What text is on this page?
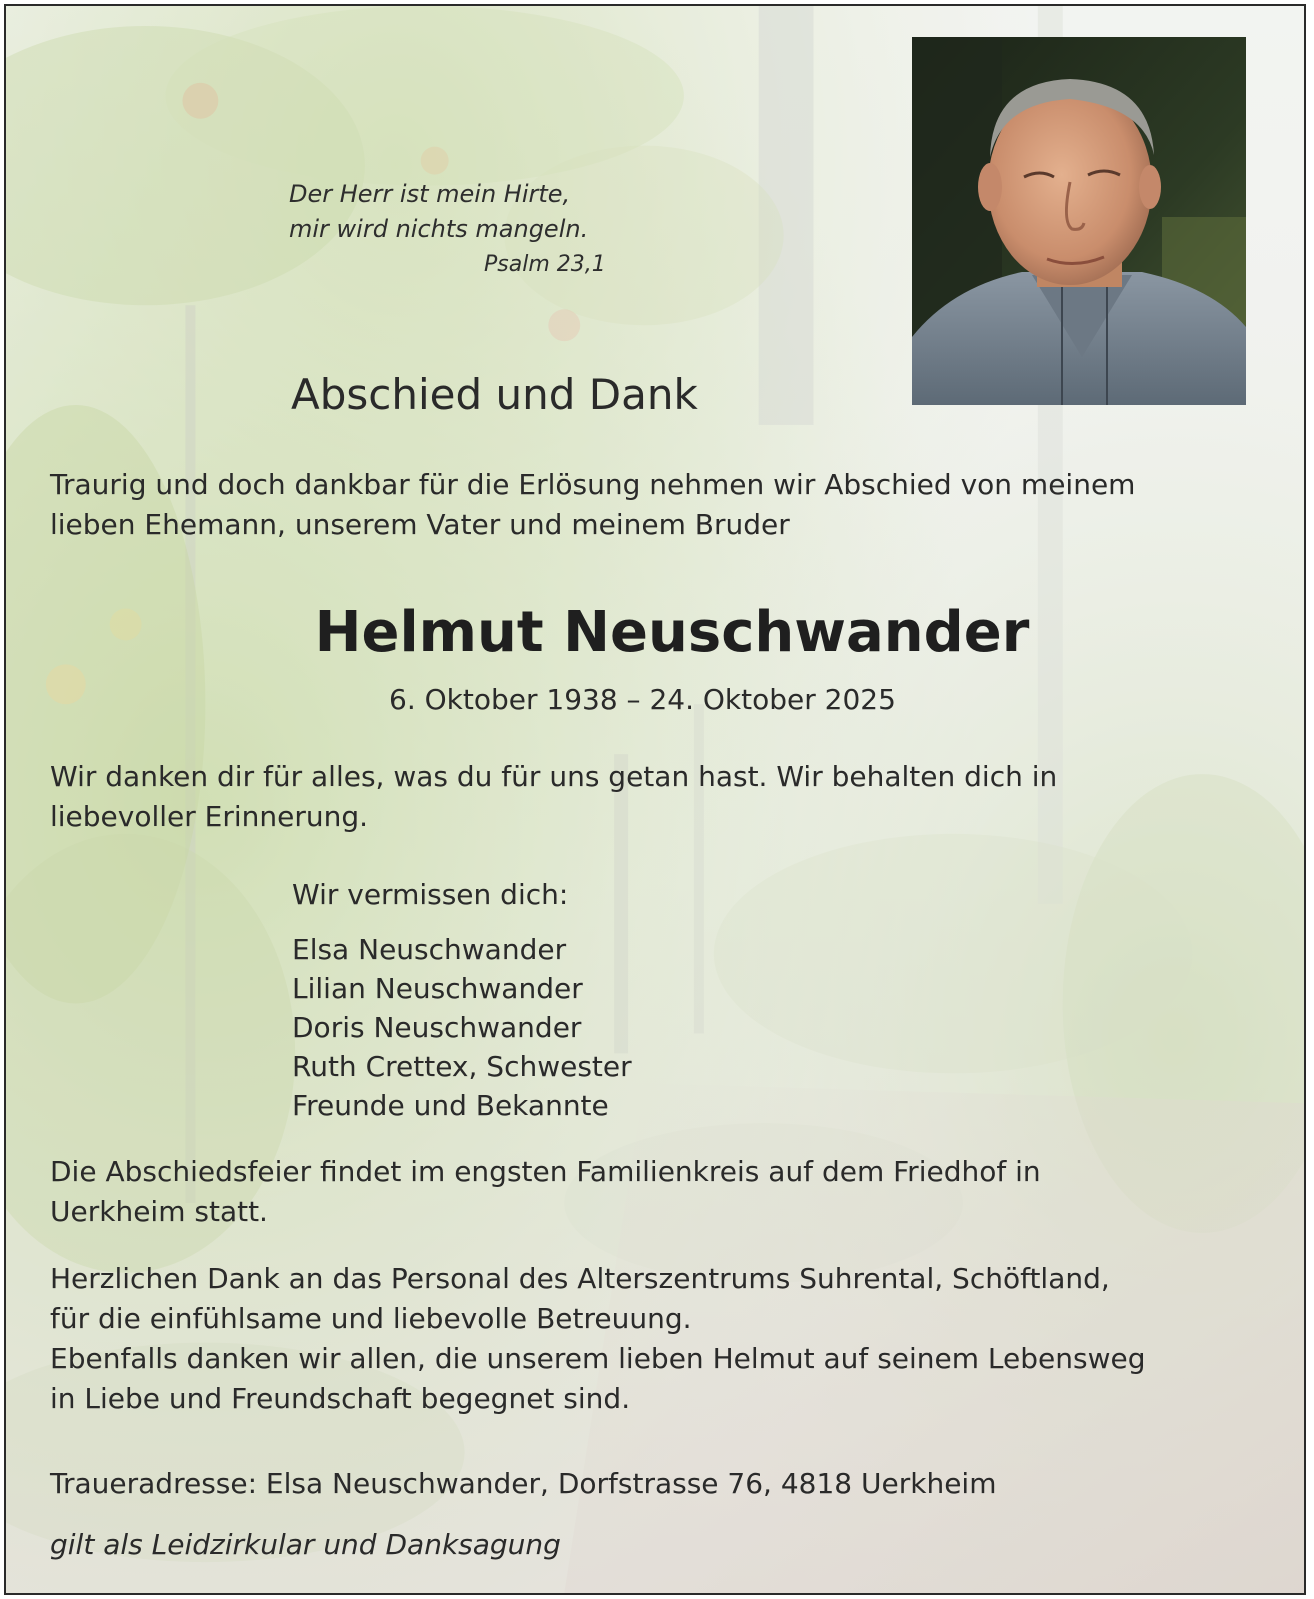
Der Herr ist mein Hirte,
mir wird nichts mangeln.
Psalm 23,1
Abschied und Dank
Traurig und doch dankbar für die Erlösung nehmen wir Abschied von meinem
lieben Ehemann, unserem Vater und meinem Bruder
Helmut Neuschwander
6. Oktober 1938 – 24. Oktober 2025
Wir danken dir für alles, was du für uns getan hast. Wir behalten dich in
liebevoller Erinnerung.
Wir vermissen dich:
Elsa Neuschwander
Lilian Neuschwander
Doris Neuschwander
Ruth Crettex, Schwester
Freunde und Bekannte
Die Abschiedsfeier findet im engsten Familienkreis auf dem Friedhof in
Uerkheim statt.
Herzlichen Dank an das Personal des Alterszentrums Suhrental, Schöftland,
für die einfühlsame und liebevolle Betreuung.
Ebenfalls danken wir allen, die unserem lieben Helmut auf seinem Lebensweg
in Liebe und Freundschaft begegnet sind.
Traueradresse: Elsa Neuschwander, Dorfstrasse 76, 4818 Uerkheim
gilt als Leidzirkular und Danksagung
